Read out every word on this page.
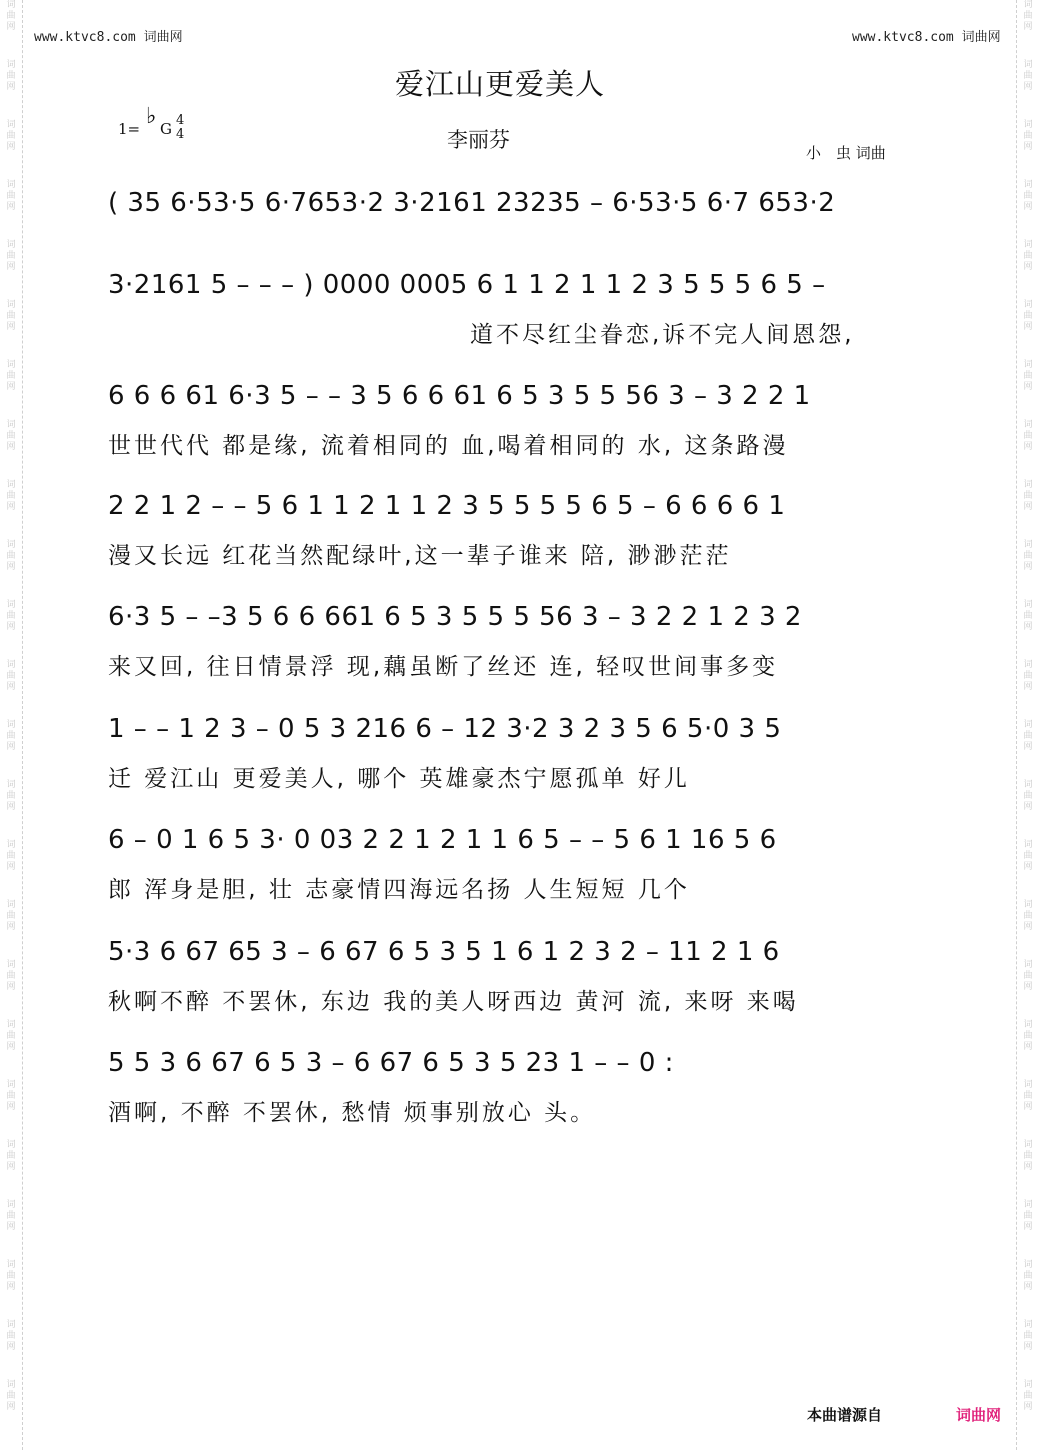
词
曲
网
词
曲
网
词
曲
网
词
曲
网
词
曲
网
词
曲
网
词
曲
网
词
曲
网
词
曲
网
词
曲
网
词
曲
网
词
曲
网
词
曲
网
词
曲
网
词
曲
网
词
曲
网
词
曲
网
词
曲
网
词
曲
网
词
曲
网
词
曲
网
词
曲
网
词
曲
网
词
曲
网
词
曲
网
词
曲
网
词
曲
网
词
曲
网
词
曲
网
词
曲
网
词
曲
网
词
曲
网
词
曲
网
词
曲
网
词
曲
网
词
曲
网
词
曲
网
词
曲
网
词
曲
网
词
曲
网
词
曲
网
词
曲
网
词
曲
网
词
曲
网
词
曲
网
词
曲
网
词
曲
网
词
曲
网
www.ktvc8.com 词曲网	www.ktvc8.com 词曲网
爱江山更爱美人
1= ♭ G 4
4	李丽芬
小　虫 词曲
( 35 6·53·5 6·7653·2 3·2161 23235 – 6·53·5 6·7 653·2
3·2161 5 – – – ) 0000 0005 6 1 1 2 1 1 2 3 5 5 5 6 5 –
道不尽红尘眷恋,诉不完人间恩怨,
6 6 6 61 6·3 5 – – 3 5 6 6 61 6 5 3 5 5 56 3 – 3 2 2 1
世世代代 都是缘, 流着相同的 血,喝着相同的 水, 这条路漫
2 2 1 2 – – 5 6 1 1 2 1 1 2 3 5 5 5 5 6 5 – 6 6 6 6 1
漫又长远 红花当然配绿叶,这一辈子谁来 陪, 渺渺茫茫
6·3 5 – –3 5 6 6 661 6 5 3 5 5 5 56 3 – 3 2 2 1 2 3 2
来又回, 往日情景浮 现,藕虽断了丝还 连, 轻叹世间事多变
1 – – 1 2 3 – 0 5 3 216 6 – 12 3·2 3 2 3 5 6 5·0 3 5
迁 爱江山 更爱美人, 哪个 英雄豪杰宁愿孤单 好儿
6 – 0 1 6 5 3· 0 03 2 2 1 2 1 1 6 5 – – 5 6 1 16 5 6
郎 浑身是胆, 壮 志豪情四海远名扬 人生短短 几个
5·3 6 67 65 3 – 6 67 6 5 3 5 1 6 1 2 3 2 – 11 2 1 6
秋啊不醉 不罢休, 东边 我的美人呀西边 黄河 流, 来呀 来喝
5 5 3 6 67 6 5 3 – 6 67 6 5 3 5 23 1 – – 0 :
酒啊, 不醉 不罢休, 愁情 烦事别放心 头。
本曲谱源自	词曲网
